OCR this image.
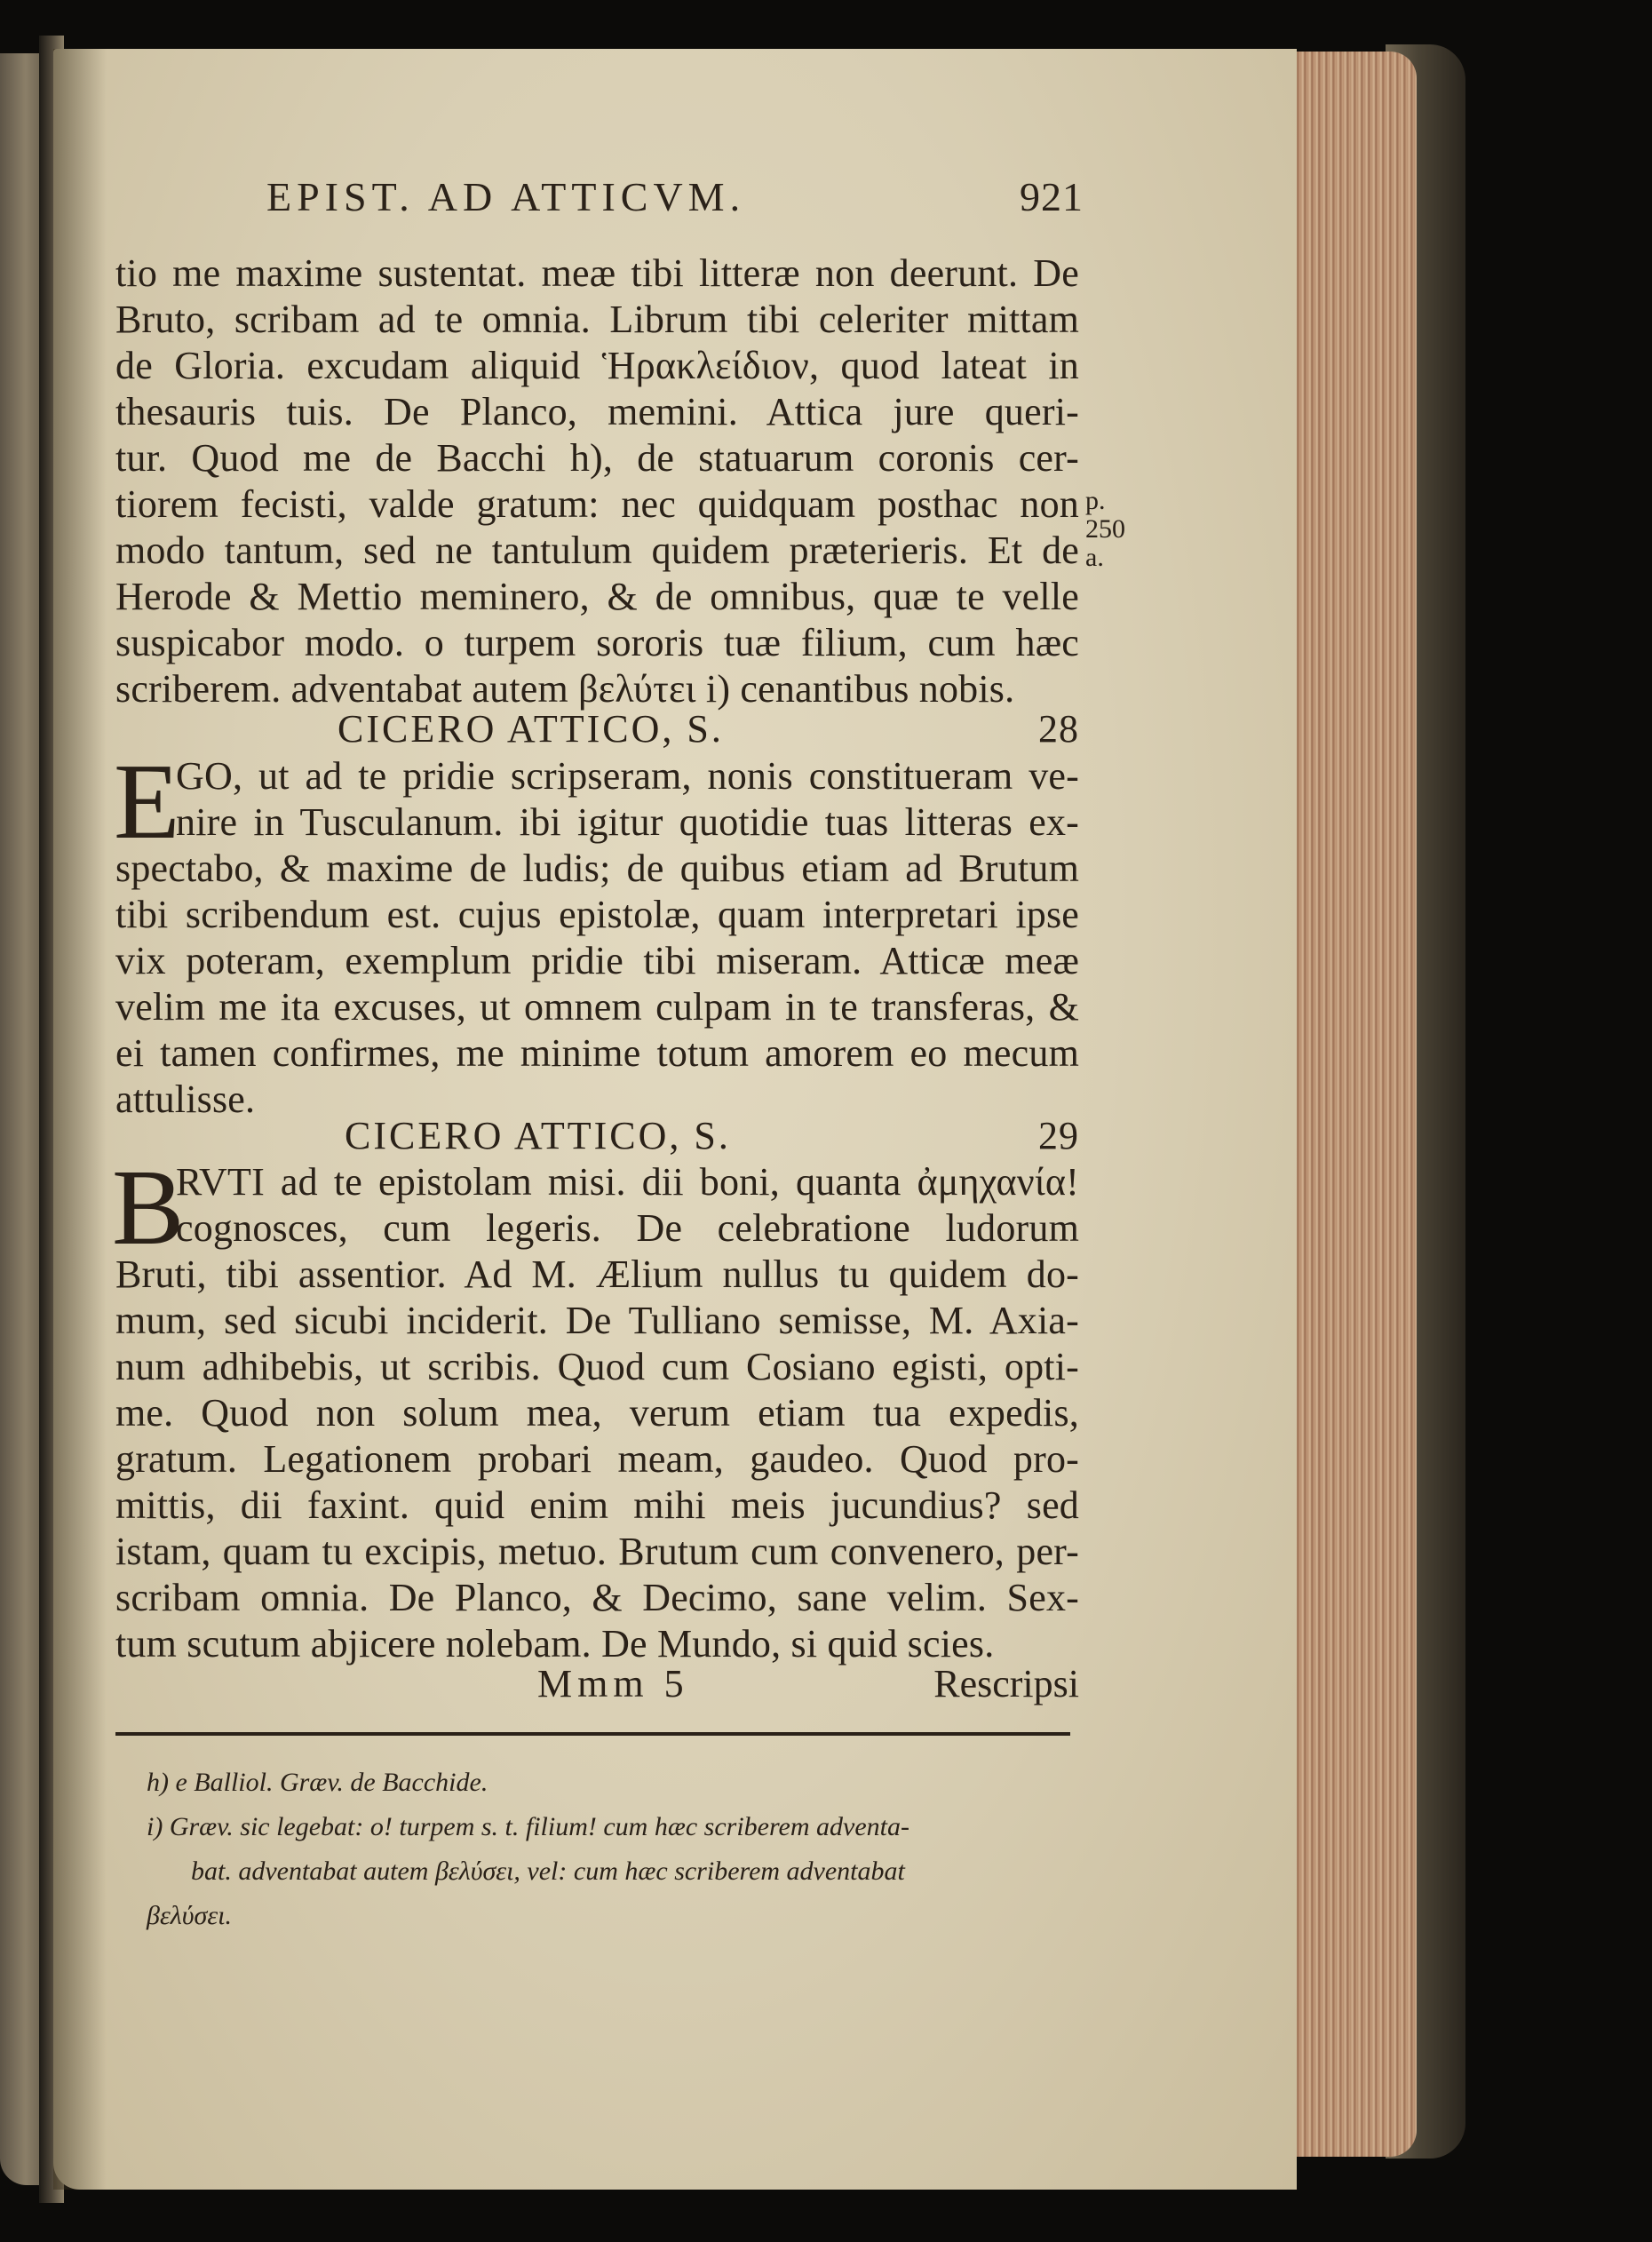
EPIST. AD ATTICVM.	921
p.
250
a.
tio me maxime sustentat. meæ tibi litteræ non deerunt. De
Bruto, scribam ad te omnia. Librum tibi celeriter mittam
de Gloria. excudam aliquid Ἡρακλείδιον, quod lateat in
thesauris tuis. De Planco, memini. Attica jure queri-
tur. Quod me de Bacchi h), de statuarum coronis cer-
tiorem fecisti, valde gratum: nec quidquam posthac non
modo tantum, sed ne tantulum quidem præterieris. Et de
Herode & Mettio meminero, & de omnibus, quæ te velle
suspicabor modo. o turpem sororis tuæ filium, cum hæc
scriberem. adventabat autem βελύτει i) cenantibus nobis.
CICERO ATTICO, S.	28
E
GO, ut ad te pridie scripseram, nonis constitueram ve-
nire in Tusculanum. ibi igitur quotidie tuas litteras ex-
spectabo, & maxime de ludis; de quibus etiam ad Brutum
tibi scribendum est. cujus epistolæ, quam interpretari ipse
vix poteram, exemplum pridie tibi miseram. Atticæ meæ
velim me ita excuses, ut omnem culpam in te transferas, &
ei tamen confirmes, me minime totum amorem eo mecum
attulisse.
CICERO ATTICO, S.	29
B
RVTI ad te epistolam misi. dii boni, quanta ἀμηχανία!
cognosces, cum legeris. De celebratione ludorum
Bruti, tibi assentior. Ad M. Ælium nullus tu quidem do-
mum, sed sicubi inciderit. De Tulliano semisse, M. Axia-
num adhibebis, ut scribis. Quod cum Cosiano egisti, opti-
me. Quod non solum mea, verum etiam tua expedis,
gratum. Legationem probari meam, gaudeo. Quod pro-
mittis, dii faxint. quid enim mihi meis jucundius? sed
istam, quam tu excipis, metuo. Brutum cum convenero, per-
scribam omnia. De Planco, & Decimo, sane velim. Sex-
tum scutum abjicere nolebam. De Mundo, si quid scies.
Mmm 5	Rescripsi
h) e Balliol. Græv. de Bacchide.
i) Græv. sic legebat: o! turpem s. t. filium! cum hæc scriberem adventa-
bat. adventabat autem βελύσει, vel: cum hæc scriberem adventabat
βελύσει.
